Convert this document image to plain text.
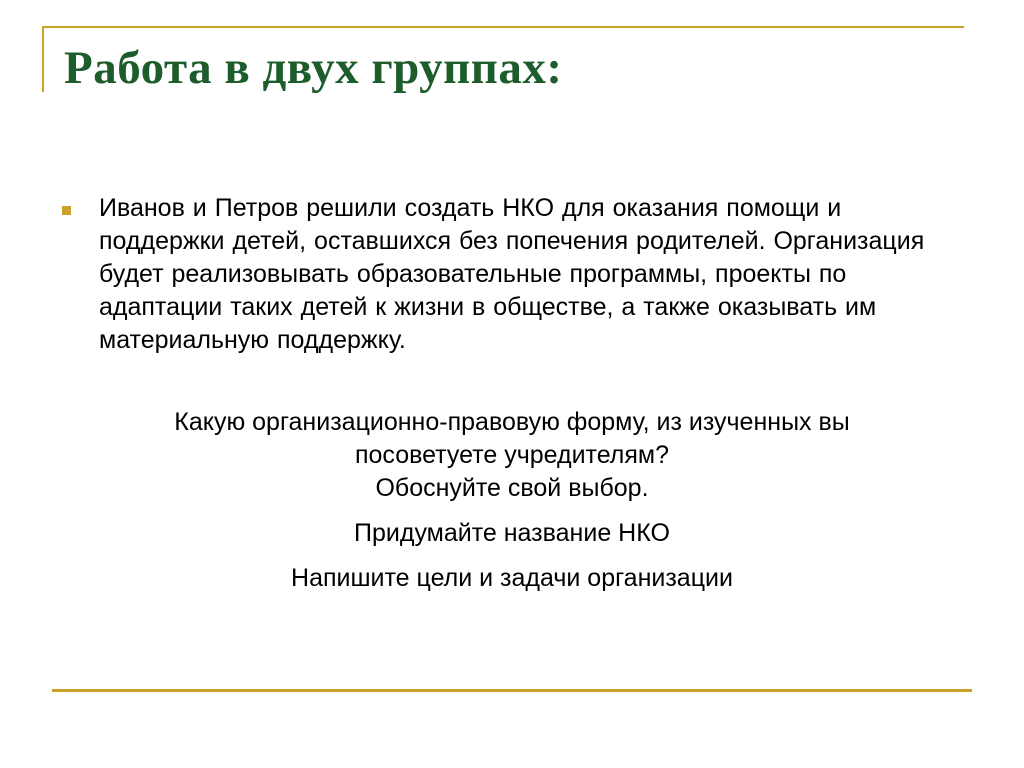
Работа в двух группах:

Иванов и Петров решили создать НКО для оказания помощи и поддержки детей, оставшихся без попечения родителей. Организация будет реализовывать образовательные программы, проекты по адаптации таких детей к жизни в обществе, а также оказывать им материальную поддержку.

Какую организационно-правовую форму, из изученных вы посоветуете учредителям?

Обоснуйте свой выбор.

Придумайте название НКО

Напишите цели и задачи организации
